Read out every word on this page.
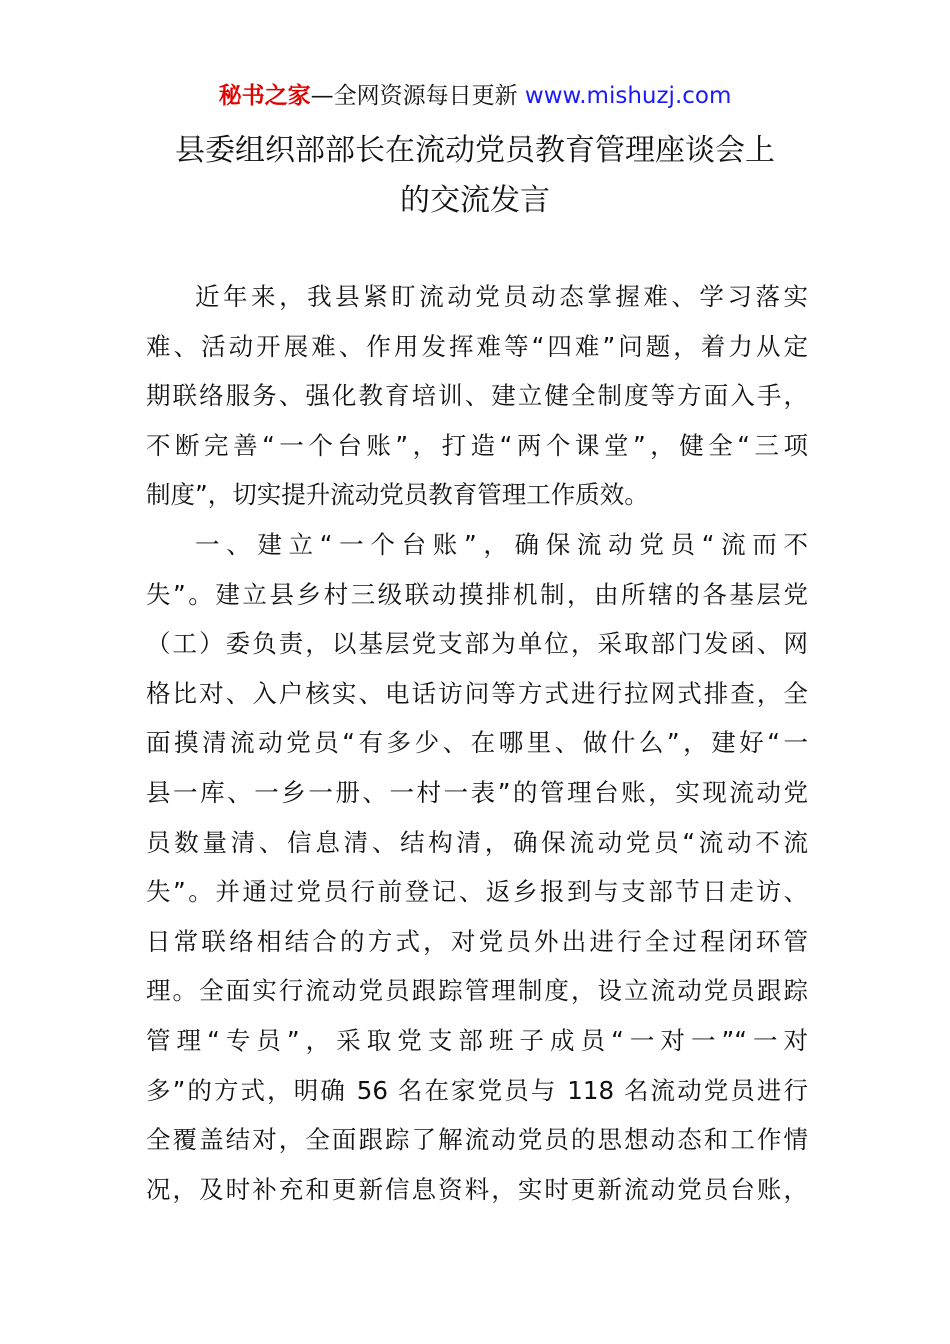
秘书之家—全网资源每日更新 www.mishuzj.com
县委组织部部长在流动党员教育管理座谈会上
的交流发言
近年来，我县紧盯流动党员动态掌握难、学习落实
难、活动开展难、作用发挥难等“四难”问题，着力从定
期联络服务、强化教育培训、建立健全制度等方面入手，
不断完善“一个台账”，打造“两个课堂”，健全“三项
制度”，切实提升流动党员教育管理工作质效。
一、建立“一个台账”，确保流动党员“流而不
失”。建立县乡村三级联动摸排机制，由所辖的各基层党
（工）委负责，以基层党支部为单位，采取部门发函、网
格比对、入户核实、电话访问等方式进行拉网式排查，全
面摸清流动党员“有多少、在哪里、做什么”，建好“一
县一库、一乡一册、一村一表”的管理台账，实现流动党
员数量清、信息清、结构清，确保流动党员“流动不流
失”。并通过党员行前登记、返乡报到与支部节日走访、
日常联络相结合的方式，对党员外出进行全过程闭环管
理。全面实行流动党员跟踪管理制度，设立流动党员跟踪
管理“专员”，采取党支部班子成员“一对一”“一对
多”的方式，明确 56 名在家党员与 118 名流动党员进行
全覆盖结对，全面跟踪了解流动党员的思想动态和工作情
况，及时补充和更新信息资料，实时更新流动党员台账，
